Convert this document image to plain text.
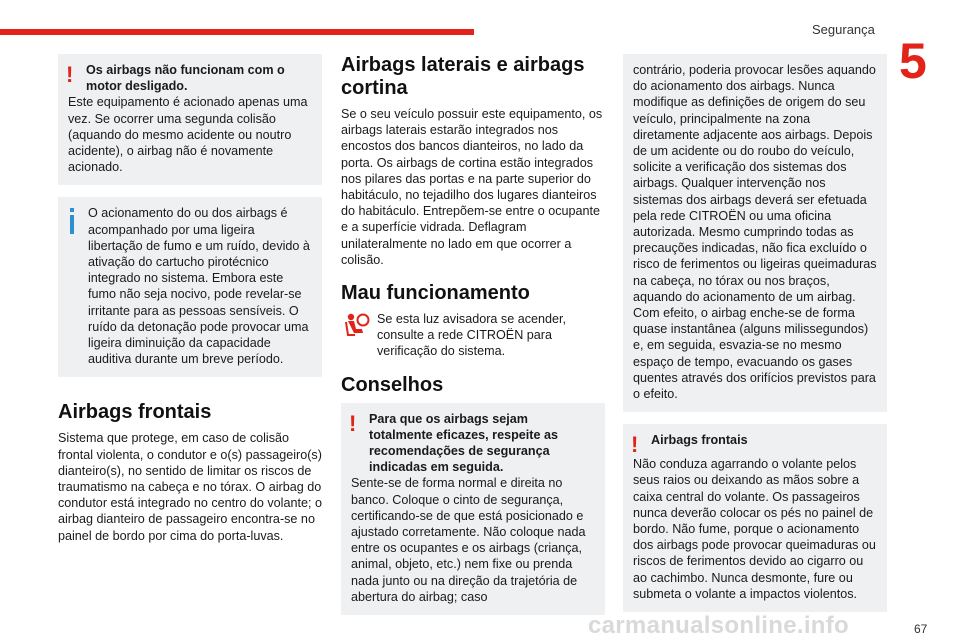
Segurança
5
!	Os airbags não funcionam com o motor desligado.

Este equipamento é acionado apenas uma vez. Se ocorrer uma segunda colisão (aquando do mesmo acidente ou noutro acidente), o airbag não é novamente acionado.

O acionamento do ou dos airbags é acompanhado por uma ligeira libertação de fumo e um ruído, devido à ativação do cartucho pirotécnico integrado no sistema. Embora este fumo não seja nocivo, pode revelar-se irritante para as pessoas sensíveis. O ruído da detonação pode provocar uma ligeira diminuição da capacidade auditiva durante um breve período.

Airbags frontais

Sistema que protege, em caso de colisão frontal violenta, o condutor e o(s) passageiro(s) dianteiro(s), no sentido de limitar os riscos de traumatismo na cabeça e no tórax. O airbag do condutor está integrado no centro do volante; o airbag dianteiro de passageiro encontra-se no painel de bordo por cima do porta-luvas.

Airbags laterais e airbags cortina

Se o seu veículo possuir este equipamento, os airbags laterais estarão integrados nos encostos dos bancos dianteiros, no lado da porta. Os airbags de cortina estão integrados nos pilares das portas e na parte superior do habitáculo, no tejadilho dos lugares dianteiros do habitáculo. Entrepõem-se entre o ocupante e a superfície vidrada. Deflagram unilateralmente no lado em que ocorrer a colisão.

Mau funcionamento

Se esta luz avisadora se acender, consulte a rede CITROËN para verificação do sistema.

Conselhos
!	Para que os airbags sejam totalmente eficazes, respeite as recomendações de segurança indicadas em seguida.

Sente-se de forma normal e direita no banco. Coloque o cinto de segurança, certificando-se de que está posicionado e ajustado corretamente. Não coloque nada entre os ocupantes e os airbags (criança, animal, objeto, etc.) nem fixe ou prenda nada junto ou na direção da trajetória de abertura do airbag; caso

contrário, poderia provocar lesões aquando do acionamento dos airbags. Nunca modifique as definições de origem do seu veículo, principalmente na zona diretamente adjacente aos airbags. Depois de um acidente ou do roubo do veículo, solicite a verificação dos sistemas dos airbags. Qualquer intervenção nos sistemas dos airbags deverá ser efetuada pela rede CITROËN ou uma oficina autorizada. Mesmo cumprindo todas as precauções indicadas, não fica excluído o risco de ferimentos ou ligeiras queimaduras na cabeça, no tórax ou nos braços, aquando do acionamento de um airbag. Com efeito, o airbag enche-se de forma quase instantânea (alguns milissegundos) e, em seguida, esvazia-se no mesmo espaço de tempo, evacuando os gases quentes através dos orifícios previstos para o efeito.

!	Airbags frontais

Não conduza agarrando o volante pelos seus raios ou deixando as mãos sobre a caixa central do volante. Os passageiros nunca deverão colocar os pés no painel de bordo. Não fume, porque o acionamento dos airbags pode provocar queimaduras ou riscos de ferimentos devido ao cigarro ou ao cachimbo. Nunca desmonte, fure ou submeta o volante a impactos violentos.

carmanualsonline.info	67
